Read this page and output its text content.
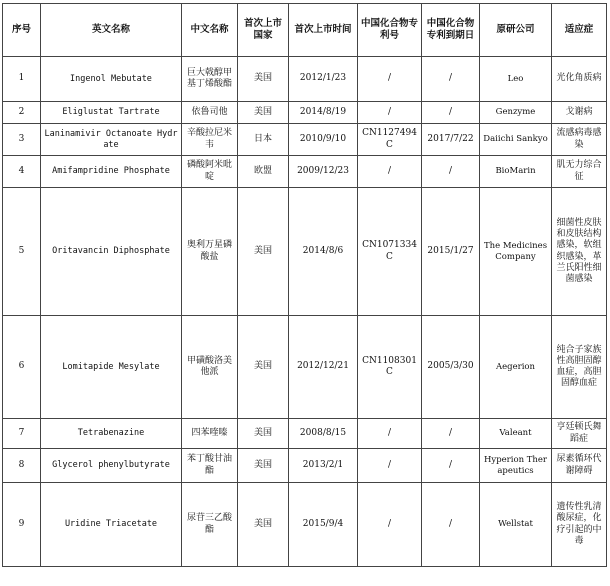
序号	英文名称	中文名称	首次上市国家	首次上市时间	中国化合物专利号	中国化合物专利到期日	原研公司	适应症
1	Ingenol Mebutate	巨大戟醇甲基丁烯酸酯	美国	2012/1/23	/	/	Leo	光化角质病
2	Eliglustat Tartrate	依鲁司他	美国	2014/8/19	/	/	Genzyme	戈谢病
3	Laninamivir Octanoate Hydrate	辛酸拉尼米韦	日本	2010/9/10	CN1127494C	2017/7/22	Daiichi Sankyo	流感病毒感染
4	Amifampridine Phosphate	磷酸阿米吡啶	欧盟	2009/12/23	/	/	BioMarin	肌无力综合征
5	Oritavancin Diphosphate	奥利万星磷酸盐	美国	2014/8/6	CN1071334C	2015/1/27	The Medicines Company	细菌性皮肤和皮肤结构感染，软组织感染，革兰氏阳性细菌感染
6	Lomitapide Mesylate	甲磺酸洛美他派	美国	2012/12/21	CN1108301C	2005/3/30	Aegerion	纯合子家族性高胆固醇血症，高胆固醇血症
7	Tetrabenazine	四苯喹嗪	美国	2008/8/15	/	/	Valeant	亨廷顿氏舞蹈症
8	Glycerol phenylbutyrate	苯丁酸甘油酯	美国	2013/2/1	/	/	Hyperion Therapeutics	尿素循环代谢障碍
9	Uridine Triacetate	尿苷三乙酸酯	美国	2015/9/4	/	/	Wellstat	遗传性乳清酸尿症，化疗引起的中毒
